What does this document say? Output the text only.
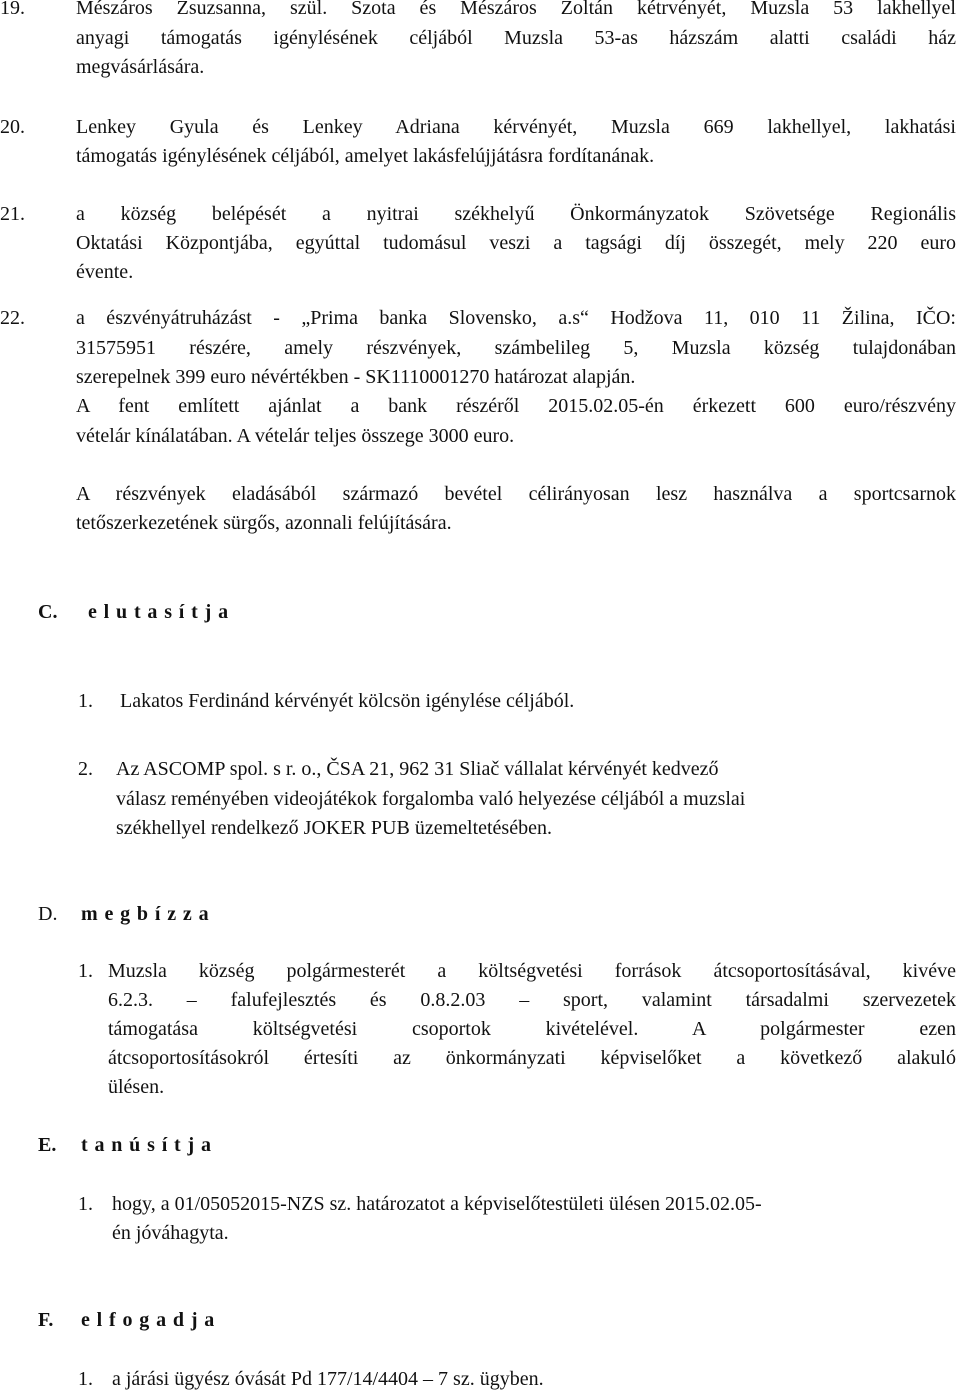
19.	Mészáros Zsuzsanna, szül. Szota és Mészáros Zoltán kétrvényét, Muzsla 53 lakhellyel
anyagi támogatás igénylésének céljából Muzsla 53-as házszám alatti családi ház
megvásárlására.
20.	Lenkey Gyula és Lenkey Adriana kérvényét, Muzsla 669 lakhellyel, lakhatási
támogatás igénylésének céljából, amelyet lakásfelújjátásra fordítanának.
21.	a község belépését a nyitrai székhelyű Önkormányzatok Szövetsége Regionális
Oktatási Központjába, egyúttal tudomásul veszi a tagsági díj összegét, mely 220 euro
évente.
22.	a észvényátruházást - „Prima banka Slovensko, a.s“ Hodžova 11, 010 11 Žilina, IČO:
31575951 részére, amely részvények, számbelileg 5, Muzsla község tulajdonában
szerepelnek 399 euro névértékben - SK1110001270 határozat alapján.
A fent említett ajánlat a bank részéről 2015.02.05-én érkezett 600 euro/részvény
vételár kínálatában. A vételár teljes összege 3000 euro.
A részvények eladásából származó bevétel célirányosan lesz használva a sportcsarnok
tetőszerkezetének sürgős, azonnali felújítására.
C. elutasítja
1. Lakatos Ferdinánd kérvényét kölcsön igénylése céljából.
2. Az ASCOMP spol. s r. o., ČSA 21, 962 31 Sliač vállalat kérvényét kedvező
válasz reményében videojátékok forgalomba való helyezése céljából a muzslai
székhellyel rendelkező JOKER PUB üzemeltetésében.
D. megbízza
1. Muzsla község polgármesterét a költségvetési források átcsoportosításával, kivéve
6.2.3. – falufejlesztés és 0.8.2.03 – sport, valamint társadalmi szervezetek
támogatása költségvetési csoportok kivételével. A polgármester ezen
átcsoportosításokról értesíti az önkormányzati képviselőket a következő alakuló
ülésen.
E. tanúsítja
1. hogy, a 01/05052015-NZS sz. határozatot a képviselőtestületi ülésen 2015.02.05-
én jóváhagyta.
F. elfogadja
1. a járási ügyész óvását Pd 177/14/4404 – 7 sz. ügyben.
